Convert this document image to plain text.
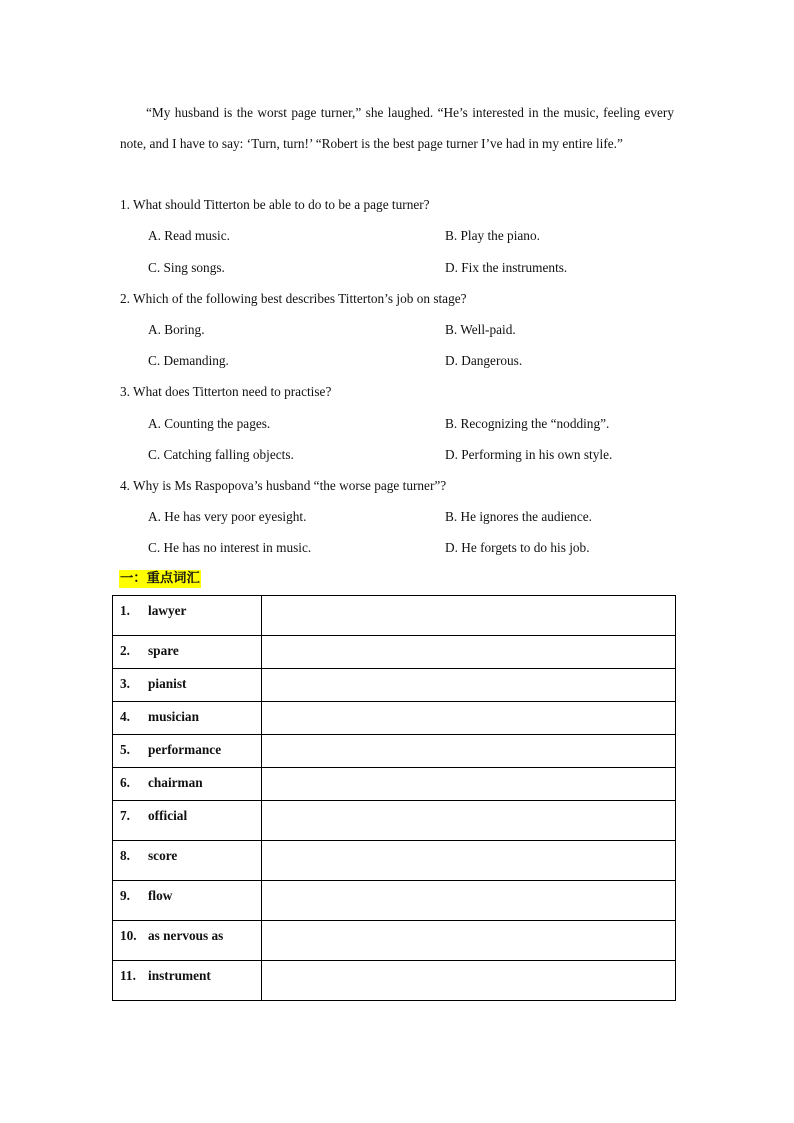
“My husband is the worst page turner,” she laughed. “He’s interested in the music, feeling every note, and I have to say: ‘Turn, turn!’ “Robert is the best page turner I’ve had in my entire life.”

1. What should Titterton be able to do to be a page turner?
A. Read music.	B. Play the piano.
C. Sing songs.	D. Fix the instruments.
2. Which of the following best describes Titterton’s job on stage?
A. Boring.	B. Well-paid.
C. Demanding.	D. Dangerous.
3. What does Titterton need to practise?
A. Counting the pages.	B. Recognizing the “nodding”.
C. Catching falling objects.	D. Performing in his own style.
4. Why is Ms Raspopova’s husband “the worse page turner”?
A. He has very poor eyesight.	B. He ignores the audience.
C. He has no interest in music.	D. He forgets to do his job.
一：重点词汇
1. lawyer	

2. spare	

3. pianist	

4. musician	

5. performance	

6. chairman	

7. official	

8. score	

9. flow	

10. as nervous as	

11. instrument	
